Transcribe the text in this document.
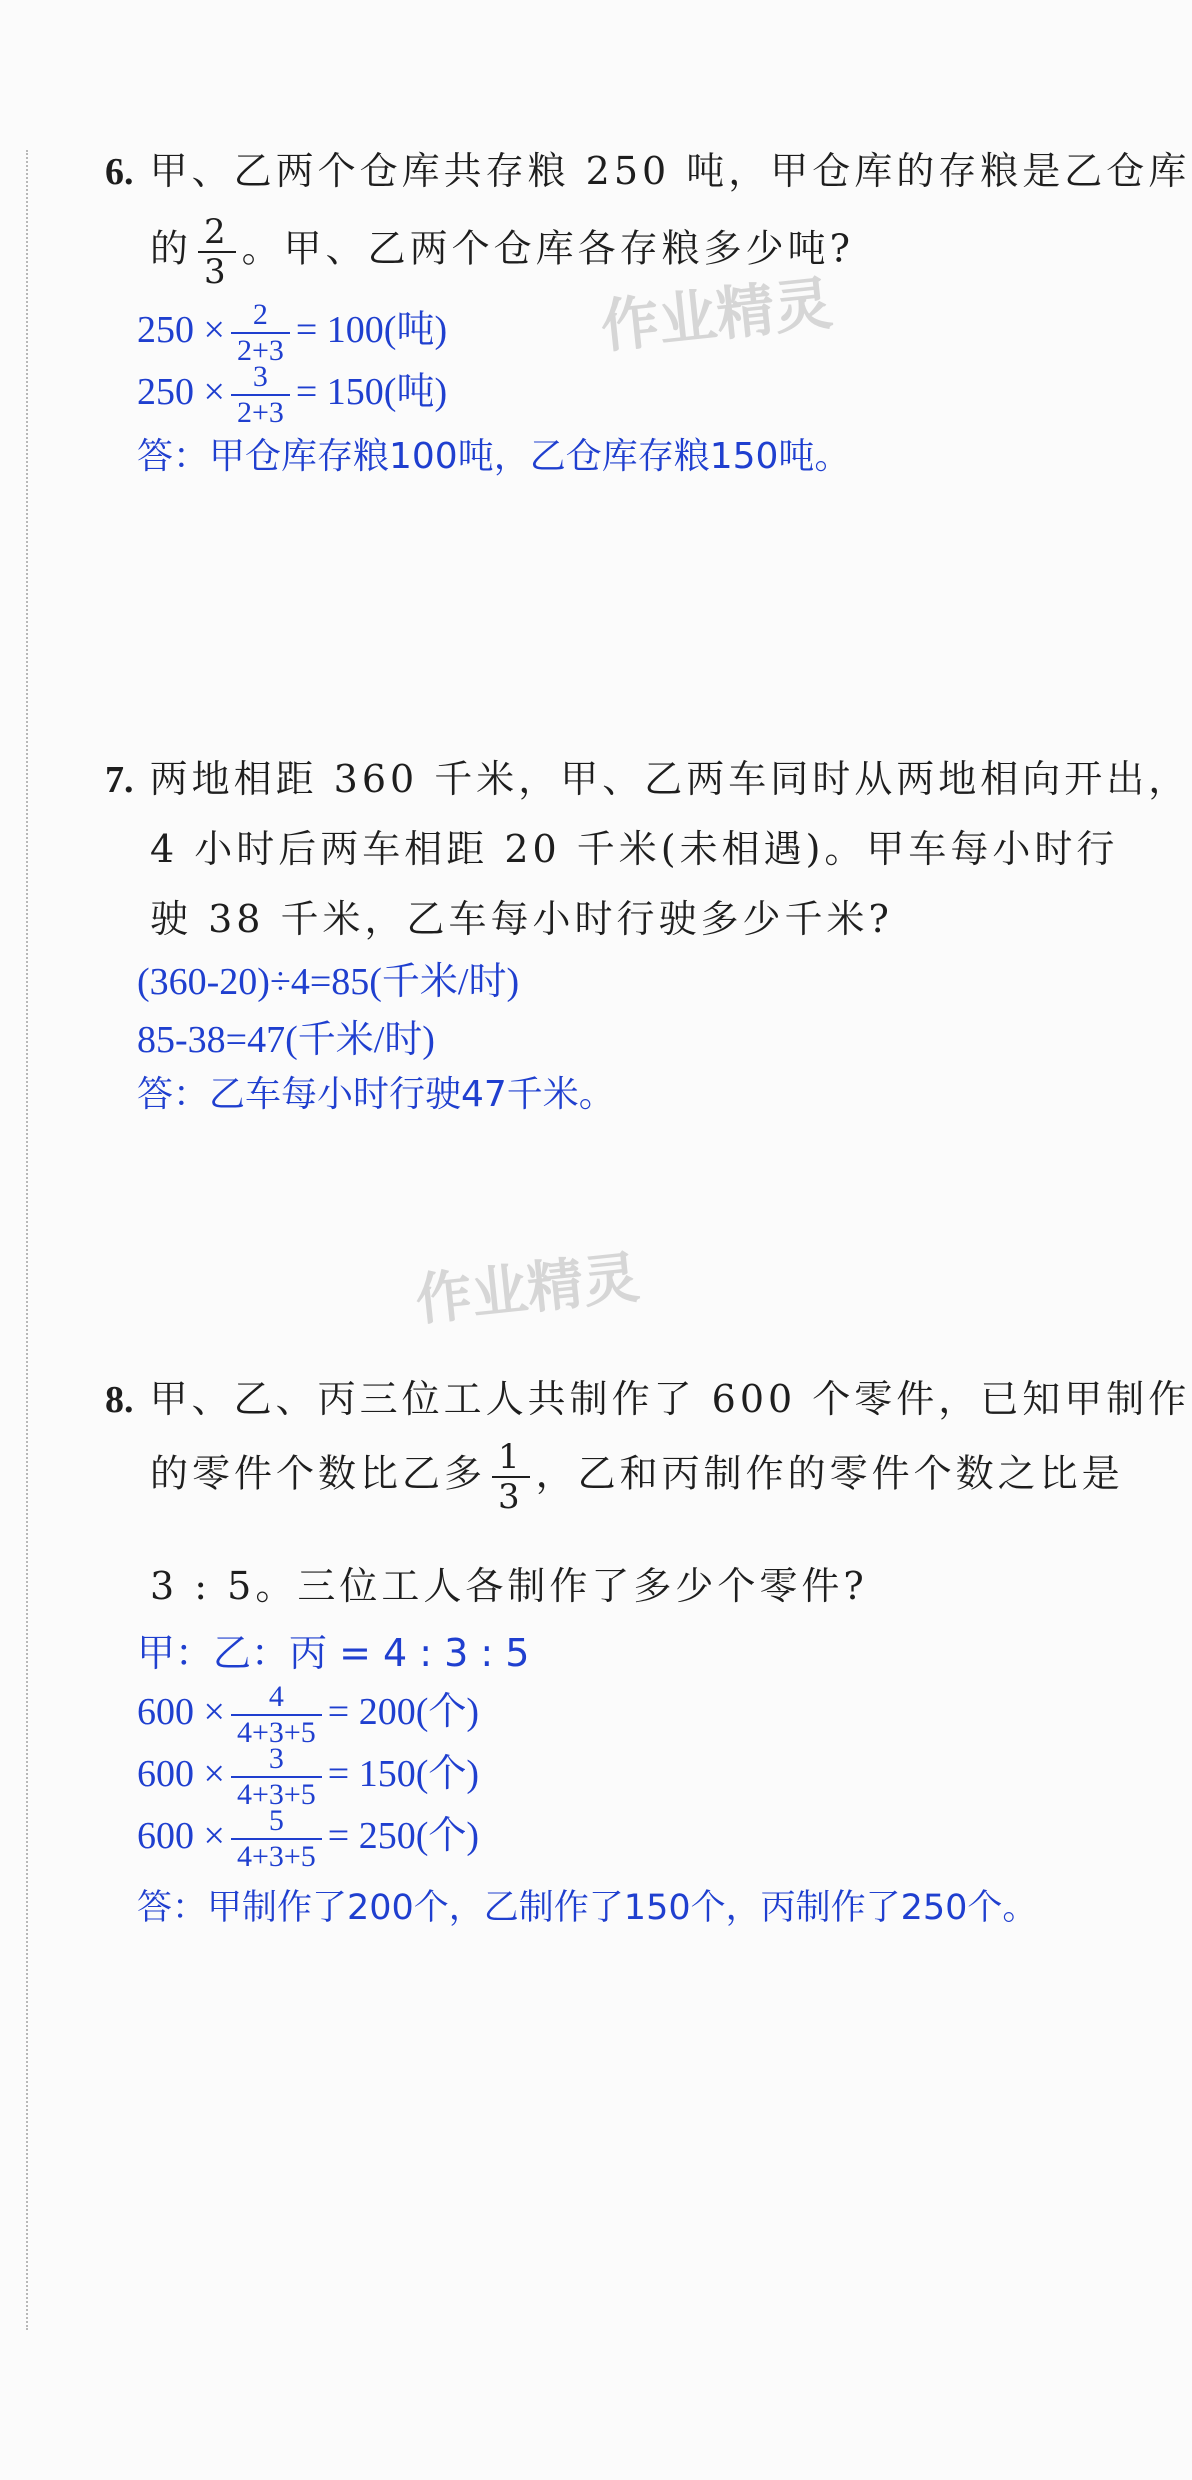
作业精灵
作业精灵
6. 甲、乙两个仓库共存粮 250 吨，甲仓库的存粮是乙仓库
的 $\frac{2}{3}$ 。甲、乙两个仓库各存粮多少吨?
$250 \times \frac{2}{2+3} = 100$(吨)
$250 \times \frac{3}{2+3} = 150$(吨)
答：甲仓库存粮100吨，乙仓库存粮150吨。
7. 两地相距 360 千米，甲、乙两车同时从两地相向开出，
4 小时后两车相距 20 千米(未相遇)。甲车每小时行
驶 38 千米，乙车每小时行驶多少千米?
(360-20)÷4=85(千米/时)
85-38=47(千米/时)
答：乙车每小时行驶47千米。
8. 甲、乙、丙三位工人共制作了 600 个零件，已知甲制作
的零件个数比乙多 $\frac{1}{3}$ ，乙和丙制作的零件个数之比是
3 : 5。三位工人各制作了多少个零件?
甲：乙：丙 = 4 : 3 : 5
$600 \times \frac{4}{4+3+5} = 200$(个)
$600 \times \frac{3}{4+3+5} = 150$(个)
$600 \times \frac{5}{4+3+5} = 250$(个)
答：甲制作了200个，乙制作了150个，丙制作了250个。
